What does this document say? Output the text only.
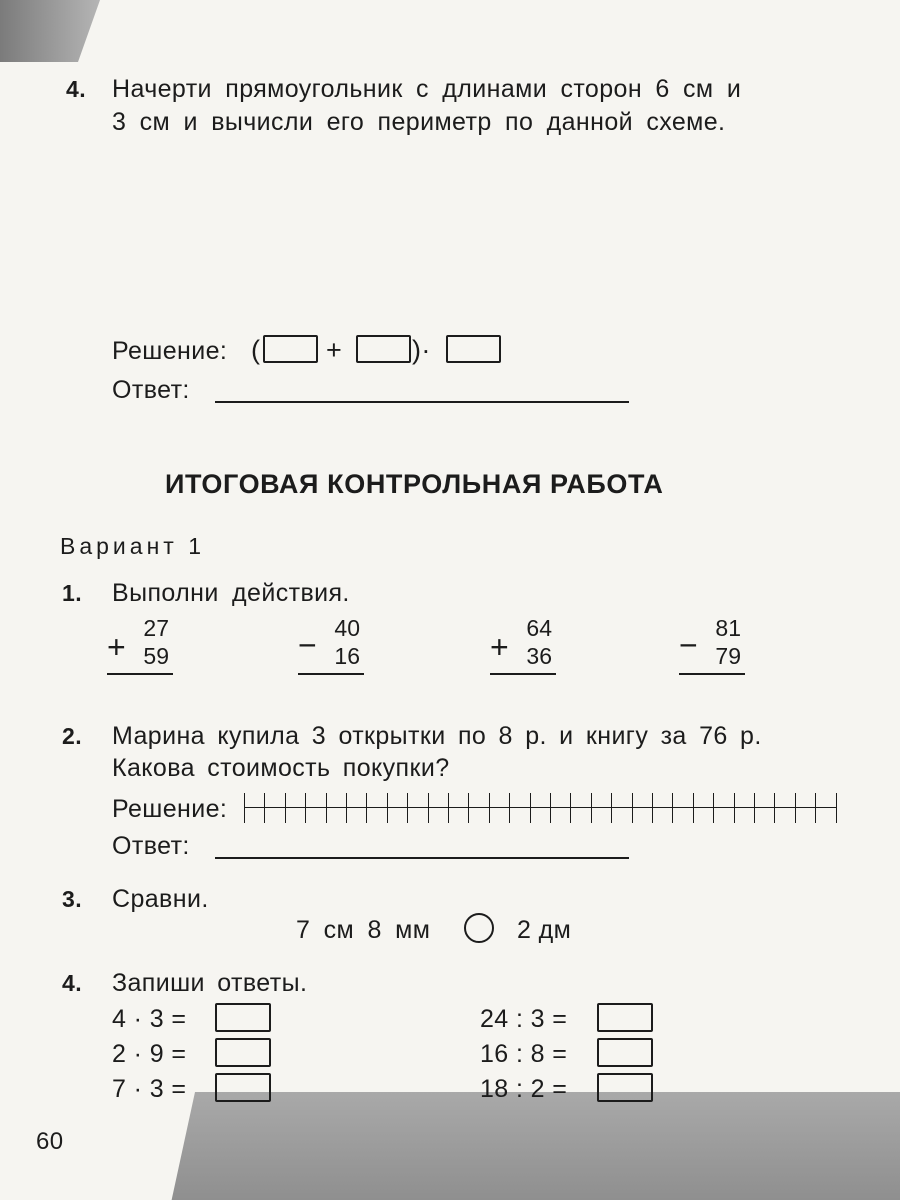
60
4. Начерти прямоугольник с длинами сторон 6 см и
3 см и вычисли его периметр по данной схеме.
Решение: ( +	)·
Ответ:
ИТОГОВАЯ КОНТРОЛЬНАЯ РАБОТА
Вариант 1
1. Выполни действия.
27
+ 59
40
− 16
64
+ 36
81
− 79
2. Марина купила 3 открытки по 8 р. и книгу за 76 р.
Какова стоимость покупки?
Решение:
Ответ:
3. Сравни.
7 см 8 мм	2 дм
4. Запиши ответы.
4 · 3 =
2 · 9 =
7 · 3 =
24 : 3 =
16 : 8 =
18 : 2 =
